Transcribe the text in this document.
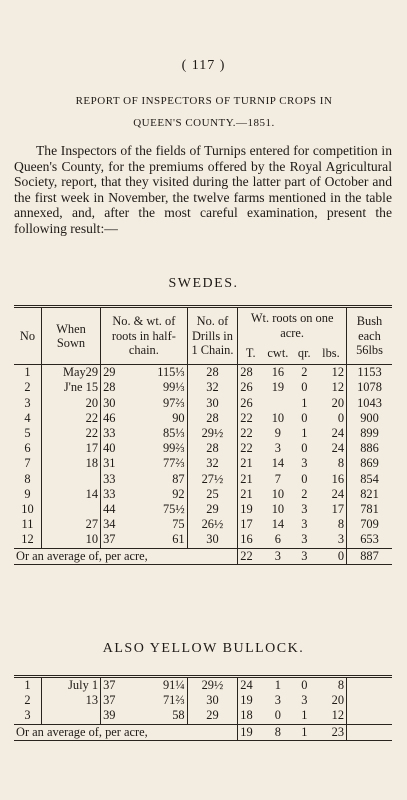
( 117 )
REPORT OF INSPECTORS OF TURNIP CROPS IN
QUEEN'S COUNTY.—1851.
The Inspectors of the fields of Turnips entered for competition in Queen's County, for the premiums offered by the Royal Agricultural Society, report, that they visited during the latter part of October and the first week in November, the twelve farms mentioned in the table annexed, and, after the most careful examination, present the following result:—
SWEDES.
No	When Sown	No. & wt. of roots in half-chain.		No. of Drills in 1 Chain.	Wt. roots on one acre.				Bush each 56lbs
					T.	cwt.	qr.	lbs.	
1	May29	29	115⅓	28	28	16	2	12	1153
2	J'ne 15	28	99⅓	32	26	19	0	12	1078
3	20	30	97⅔	30	26		1	20	1043
4	22	46	90	28	22	10	0	0	900
5	22	33	85⅓	29½	22	9	1	24	899
6	17	40	99⅔	28	22	3	0	24	886
7	18	31	77⅔	32	21	14	3	8	869
8		33	87	27½	21	7	0	16	854
9	14	33	92	25	21	10	2	24	821
10		44	75½	29	19	10	3	17	781
11	27	34	75	26½	17	14	3	8	709
12	10	37	61	30	16	6	3	3	653
Or an average of, per acre,					22	3	3	0	887
ALSO YELLOW BULLOCK.
1	July 1	37	91¼	29½	24	1	0	8	
2	13	37	71⅔	30	19	3	3	20	
3		39	58	29	18	0	1	12	
Or an average of, per acre,					19	8	1	23	
